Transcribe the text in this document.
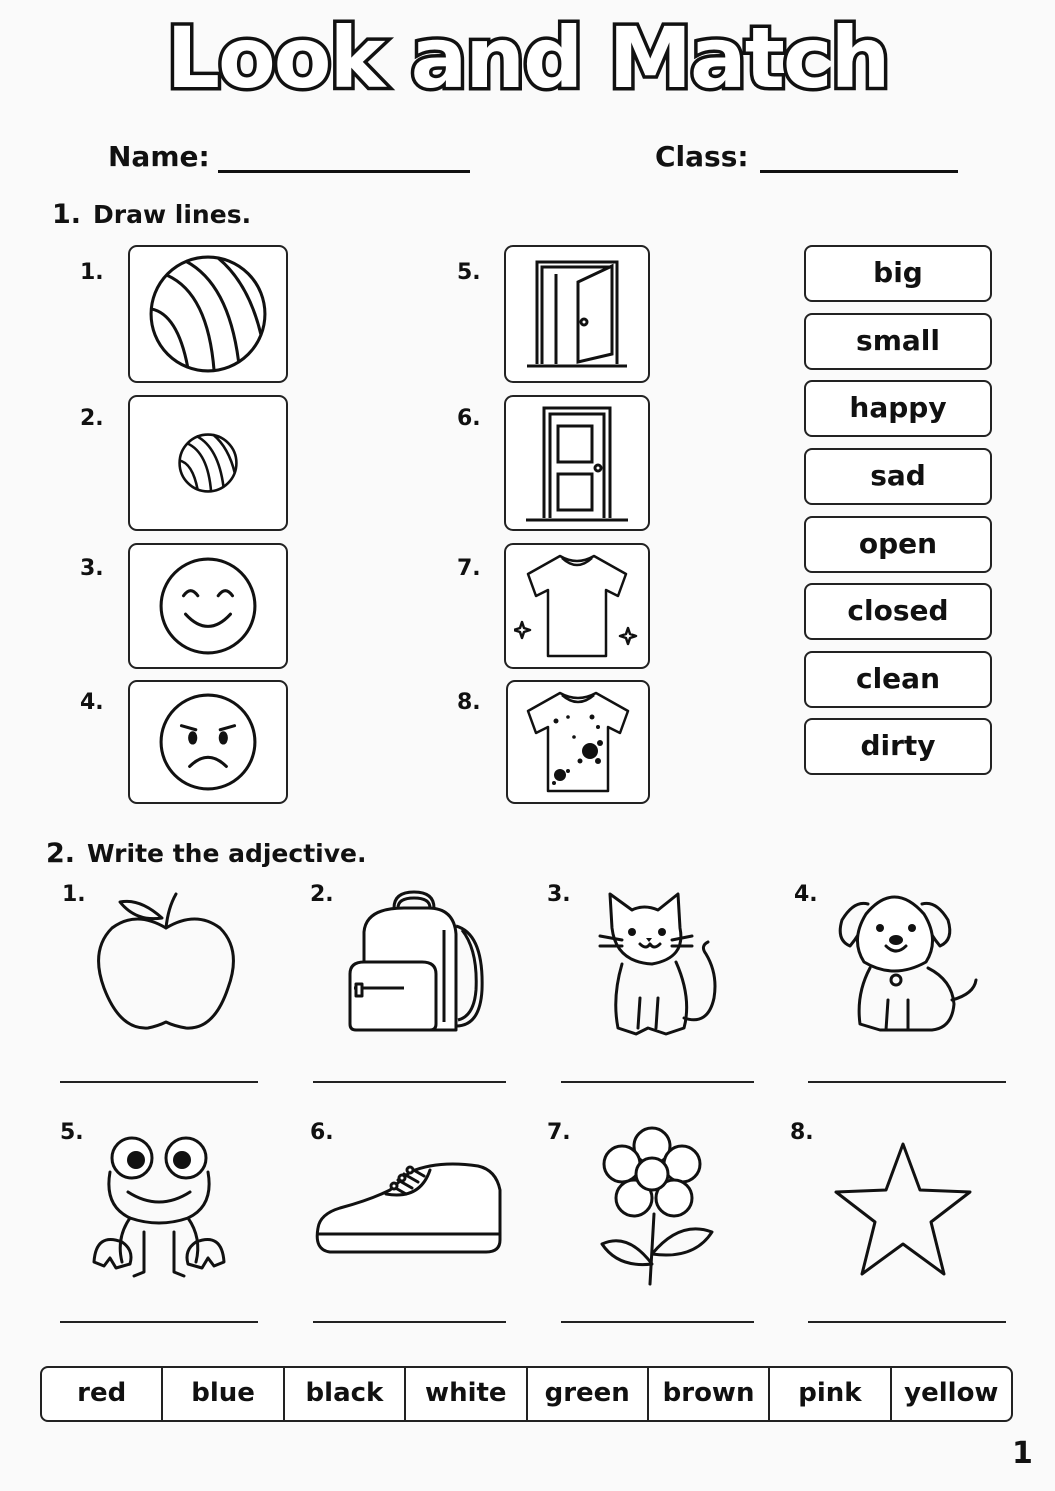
Look and Match
Name:	Class:
1. Draw lines.
1.
2.
3.
4.
5.
6.
7.
8.
big
small
happy
sad
open
closed
clean
dirty
2. Write the adjective.
1.	2.	3.	4.
5.	6.	7.	8.
red	blue	black	white	green	brown	pink	yellow
1
